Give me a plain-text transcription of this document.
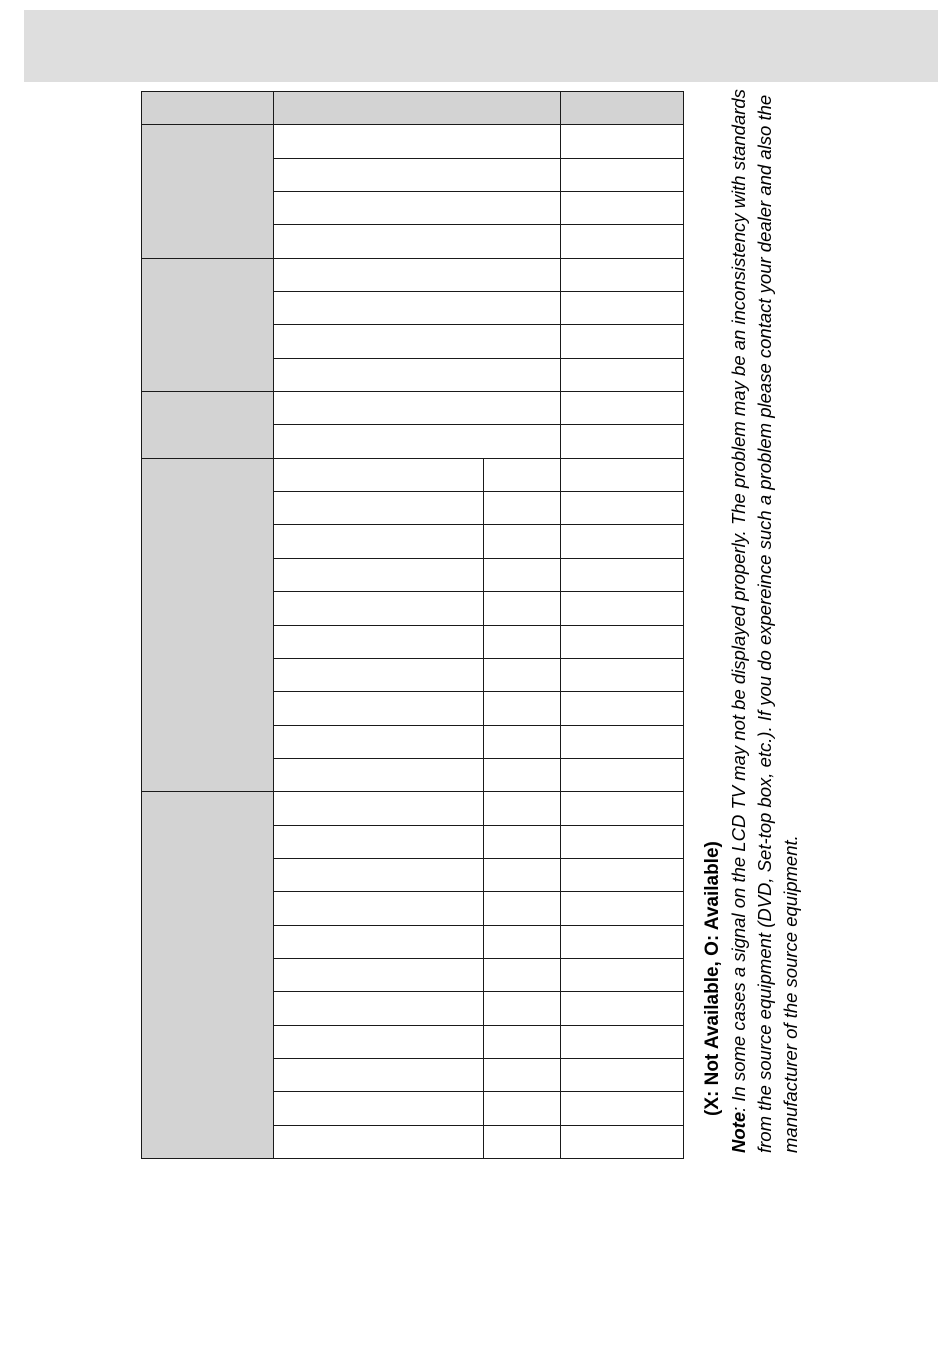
(X: Not Available, O: Available)
Note: In some cases a signal on the LCD TV may not be displayed properly. The problem may be an inconsistency with standards from the source equipment (DVD, Set-top box, etc.). If you do expereince such a problem please contact your dealer and also the manufacturer of the source equipment.
